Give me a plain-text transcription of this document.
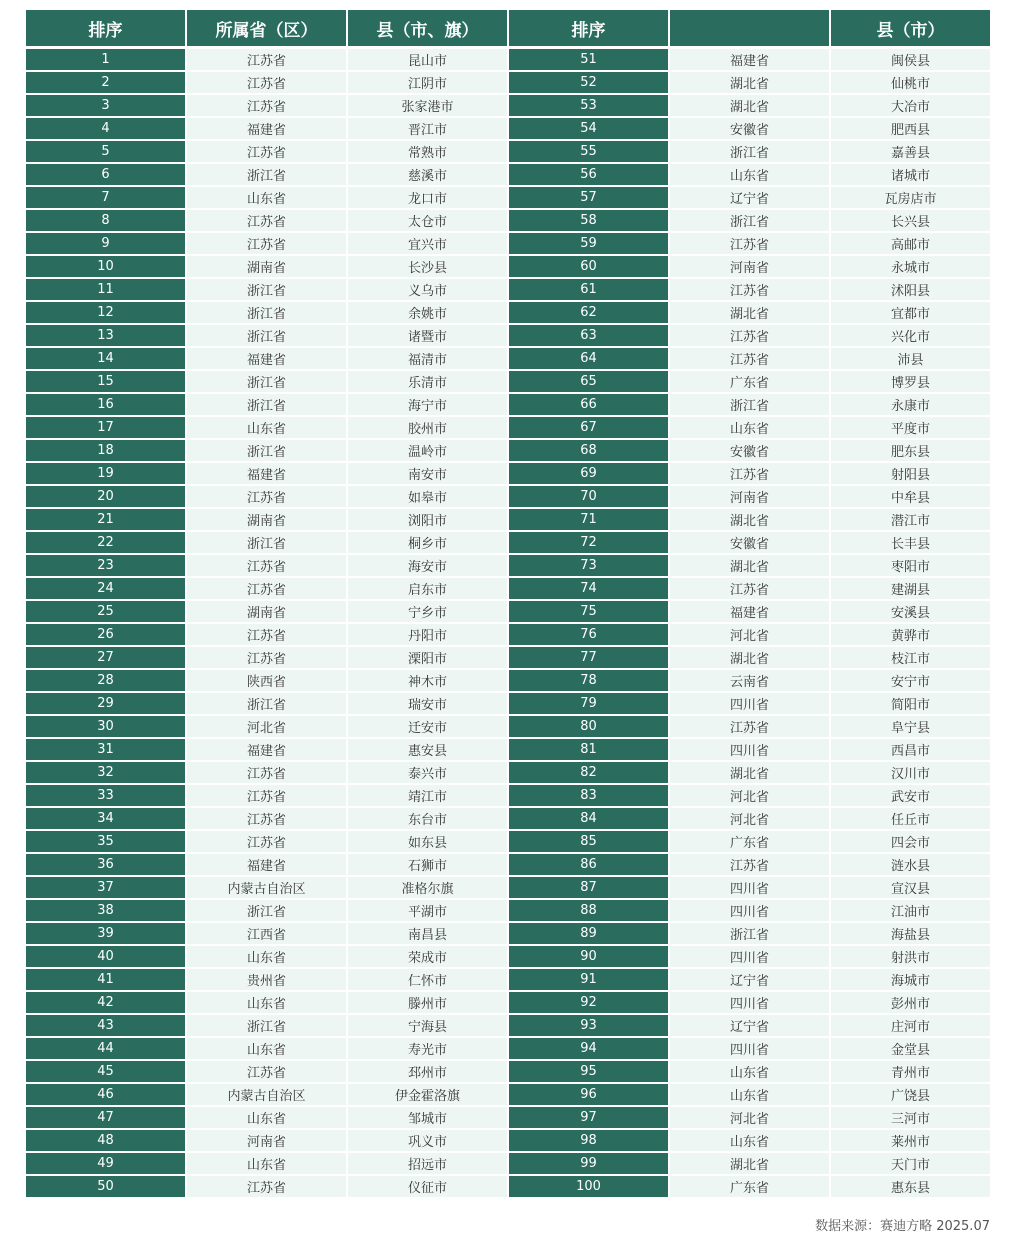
排序	所属省（区）	县（市、旗）	排序		县（市）
1	江苏省	昆山市	51	福建省	闽侯县
2	江苏省	江阴市	52	湖北省	仙桃市
3	江苏省	张家港市	53	湖北省	大冶市
4	福建省	晋江市	54	安徽省	肥西县
5	江苏省	常熟市	55	浙江省	嘉善县
6	浙江省	慈溪市	56	山东省	诸城市
7	山东省	龙口市	57	辽宁省	瓦房店市
8	江苏省	太仓市	58	浙江省	长兴县
9	江苏省	宜兴市	59	江苏省	高邮市
10	湖南省	长沙县	60	河南省	永城市
11	浙江省	义乌市	61	江苏省	沭阳县
12	浙江省	余姚市	62	湖北省	宜都市
13	浙江省	诸暨市	63	江苏省	兴化市
14	福建省	福清市	64	江苏省	沛县
15	浙江省	乐清市	65	广东省	博罗县
16	浙江省	海宁市	66	浙江省	永康市
17	山东省	胶州市	67	山东省	平度市
18	浙江省	温岭市	68	安徽省	肥东县
19	福建省	南安市	69	江苏省	射阳县
20	江苏省	如皋市	70	河南省	中牟县
21	湖南省	浏阳市	71	湖北省	潜江市
22	浙江省	桐乡市	72	安徽省	长丰县
23	江苏省	海安市	73	湖北省	枣阳市
24	江苏省	启东市	74	江苏省	建湖县
25	湖南省	宁乡市	75	福建省	安溪县
26	江苏省	丹阳市	76	河北省	黄骅市
27	江苏省	溧阳市	77	湖北省	枝江市
28	陕西省	神木市	78	云南省	安宁市
29	浙江省	瑞安市	79	四川省	简阳市
30	河北省	迁安市	80	江苏省	阜宁县
31	福建省	惠安县	81	四川省	西昌市
32	江苏省	泰兴市	82	湖北省	汉川市
33	江苏省	靖江市	83	河北省	武安市
34	江苏省	东台市	84	河北省	任丘市
35	江苏省	如东县	85	广东省	四会市
36	福建省	石狮市	86	江苏省	涟水县
37	内蒙古自治区	准格尔旗	87	四川省	宣汉县
38	浙江省	平湖市	88	四川省	江油市
39	江西省	南昌县	89	浙江省	海盐县
40	山东省	荣成市	90	四川省	射洪市
41	贵州省	仁怀市	91	辽宁省	海城市
42	山东省	滕州市	92	四川省	彭州市
43	浙江省	宁海县	93	辽宁省	庄河市
44	山东省	寿光市	94	四川省	金堂县
45	江苏省	邳州市	95	山东省	青州市
46	内蒙古自治区	伊金霍洛旗	96	山东省	广饶县
47	山东省	邹城市	97	河北省	三河市
48	河南省	巩义市	98	山东省	莱州市
49	山东省	招远市	99	湖北省	天门市
50	江苏省	仪征市	100	广东省	惠东县
数据来源：赛迪方略 2025.07
